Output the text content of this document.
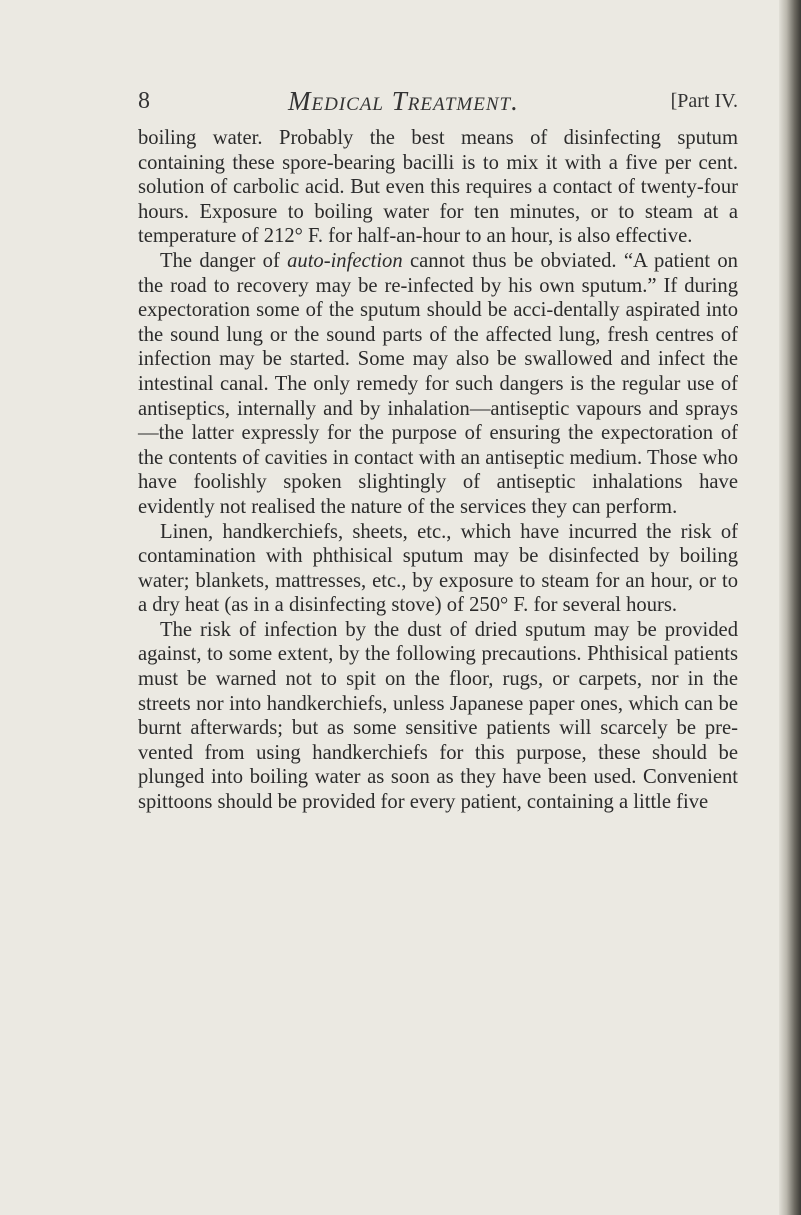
8	Medical Treatment.	[Part IV.

boiling water. Probably the best means of disinfecting sputum containing these spore-bearing bacilli is to mix it with a five per cent. solution of carbolic acid. But even this requires a contact of twenty-four hours. Exposure to boiling water for ten minutes, or to steam at a temperature of 212° F. for half-an-hour to an hour, is also effective.

The danger of auto-infection cannot thus be obviated. “A patient on the road to recovery may be re-infected by his own sputum.” If during expectoration some of the sputum should be acci-dentally aspirated into the sound lung or the sound parts of the affected lung, fresh centres of infection may be started. Some may also be swallowed and infect the intestinal canal. The only remedy for such dangers is the regular use of antiseptics, internally and by inhalation—antiseptic vapours and sprays—the latter expressly for the purpose of ensuring the expectoration of the contents of cavities in contact with an antiseptic medium. Those who have foolishly spoken slightingly of antiseptic inhalations have evidently not realised the nature of the services they can perform.

Linen, handkerchiefs, sheets, etc., which have incurred the risk of contamination with phthisical sputum may be disinfected by boiling water; blankets, mattresses, etc., by exposure to steam for an hour, or to a dry heat (as in a disinfecting stove) of 250° F. for several hours.

The risk of infection by the dust of dried sputum may be provided against, to some extent, by the following precautions. Phthisical patients must be warned not to spit on the floor, rugs, or carpets, nor in the streets nor into handkerchiefs, unless Japanese paper ones, which can be burnt afterwards; but as some sensitive patients will scarcely be pre-vented from using handkerchiefs for this purpose, these should be plunged into boiling water as soon as they have been used. Convenient spittoons should be provided for every patient, containing a little five
